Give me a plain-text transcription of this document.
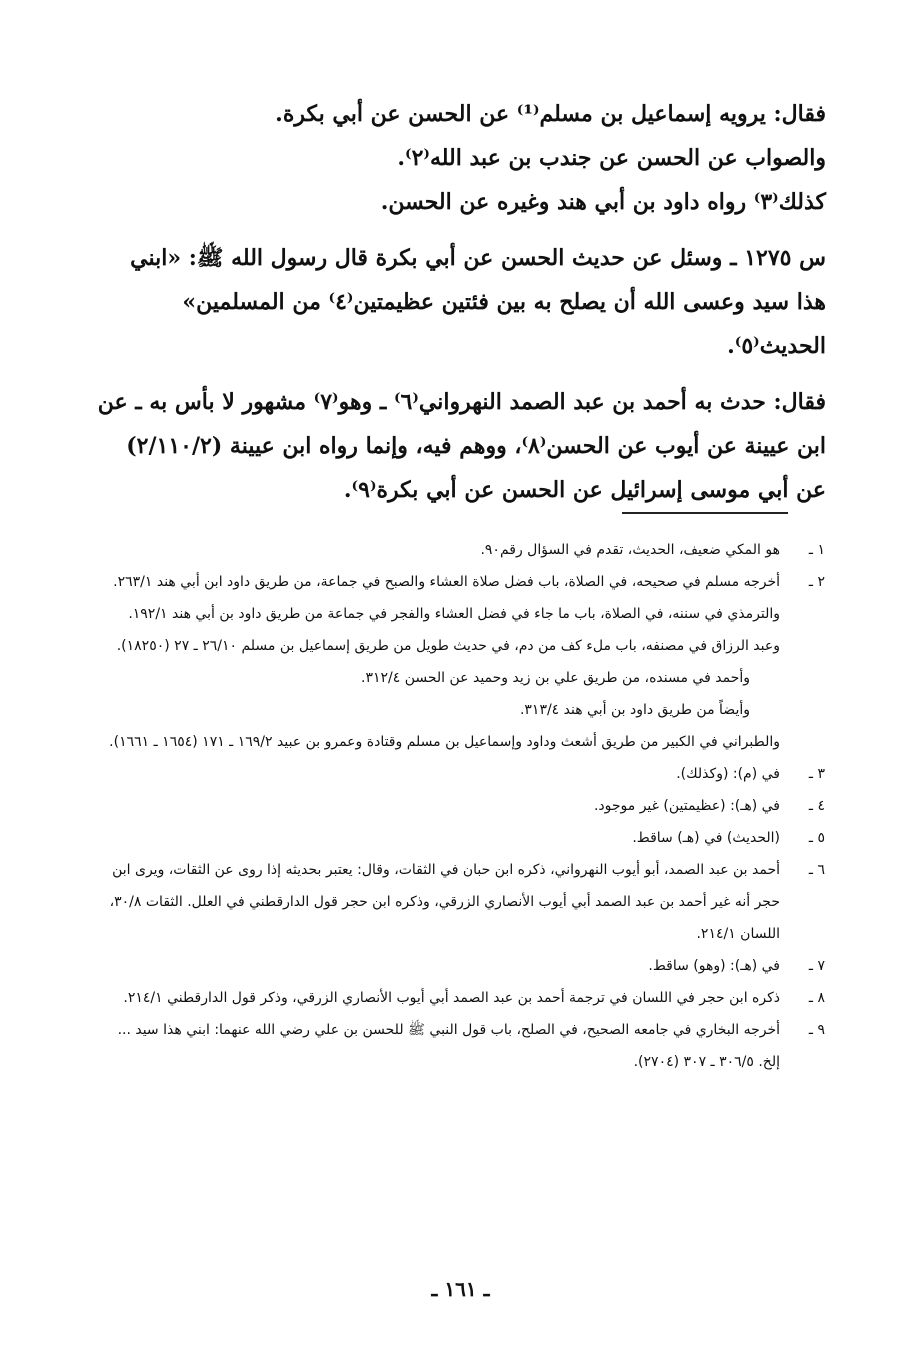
فقال: يرويه إسماعيل بن مسلم⁽¹⁾ عن الحسن عن أبي بكرة.

والصواب عن الحسن عن جندب بن عبد الله⁽٢⁾.

كذلك⁽٣⁾ رواه داود بن أبي هند وغيره عن الحسن.

س ١٢٧٥ ـ وسئل عن حديث الحسن عن أبي بكرة قال رسول الله ﷺ: «ابني هذا سيد وعسى الله أن يصلح به بين فئتين عظيمتين⁽٤⁾ من المسلمين» الحديث⁽٥⁾.

فقال: حدث به أحمد بن عبد الصمد النهرواني⁽٦⁾ ـ وهو⁽٧⁾ مشهور لا بأس به ـ عن ابن عيينة عن أيوب عن الحسن⁽٨⁾، ووهم فيه، وإنما رواه ابن عيينة (٢/١١٠/٢) عن أبي موسى إسرائيل عن الحسن عن أبي بكرة⁽٩⁾.

١ ـ
هو المكي ضعيف، الحديث، تقدم في السؤال رقم٩٠.
٢ ـ
أخرجه مسلم في صحيحه، في الصلاة، باب فضل صلاة العشاء والصبح في جماعة، من طريق داود ابن أبي هند ٢٦٣/١.
والترمذي في سننه، في الصلاة، باب ما جاء في فضل العشاء والفجر في جماعة من طريق داود بن أبي هند ١٩٢/١.
وعبد الرزاق في مصنفه، باب ملء كف من دم، في حديث طويل من طريق إسماعيل بن مسلم ٢٦/١٠ ـ ٢٧ (١٨٢٥٠).
وأحمد في مسنده، من طريق علي بن زيد وحميد عن الحسن ٣١٢/٤.
وأيضاً من طريق داود بن أبي هند ٣١٣/٤.
والطبراني في الكبير من طريق أشعث وداود وإسماعيل بن مسلم وقتادة وعمرو بن عبيد ١٦٩/٢ ـ ١٧١ (١٦٥٤ ـ ١٦٦١).
٣ ـ
في (م): (وكذلك).
٤ ـ
في (هـ): (عظيمتين) غير موجود.
٥ ـ
(الحديث) في (هـ) ساقط.
٦ ـ
أحمد بن عبد الصمد، أبو أيوب النهرواني، ذكره ابن حبان في الثقات، وقال: يعتبر بحديثه إذا روى عن الثقات، ويرى ابن حجر أنه غير أحمد بن عبد الصمد أبي أيوب الأنصاري الزرقي، وذكره ابن حجر قول الدارقطني في العلل. الثقات ٣٠/٨، اللسان ٢١٤/١.
٧ ـ
في (هـ): (وهو) ساقط.
٨ ـ
ذكره ابن حجر في اللسان في ترجمة أحمد بن عبد الصمد أبي أيوب الأنصاري الزرقي، وذكر قول الدارقطني ٢١٤/١.
٩ ـ
أخرجه البخاري في جامعه الصحيح، في الصلح، باب قول النبي ﷺ للحسن بن علي رضي الله عنهما: ابني هذا سيد ... إلخ. ٣٠٦/٥ ـ ٣٠٧ (٢٧٠٤).
ـ ١٦١ ـ
